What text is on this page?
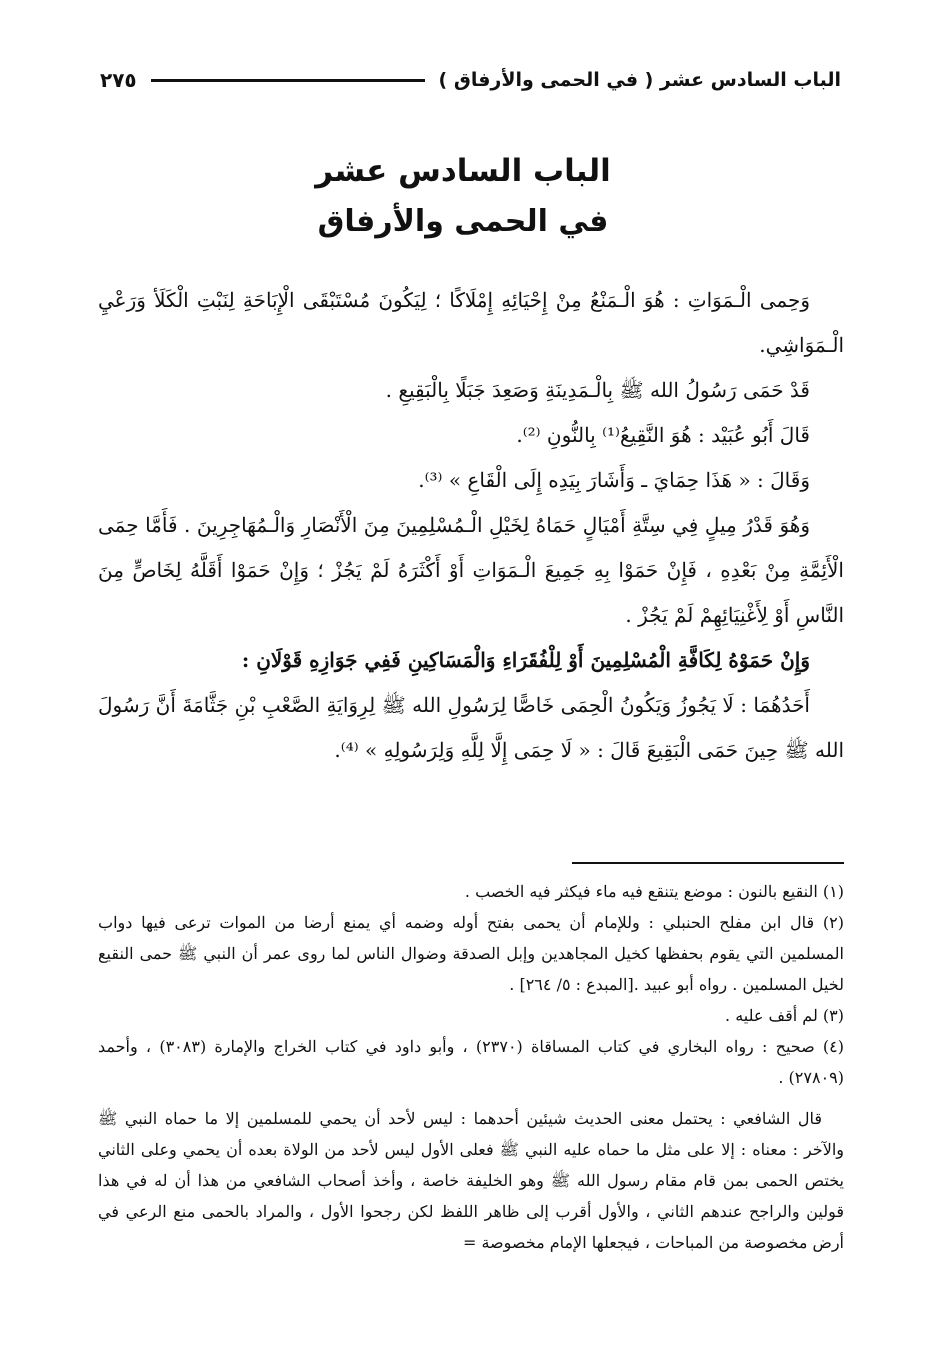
الباب السادس عشر ( في الحمى والأرفاق )
٢٧٥
الباب السادس عشر
في الحمى والأرفاق

وَحِمى الْـمَوَاتِ : هُوَ الْـمَنْعُ مِنْ إِحْيَائِهِ إِمْلَاكًا ؛ لِيَكُونَ مُسْتَبْقَى الْإِبَاحَةِ لِنَبْتِ الْكَلَأ وَرَعْيِ الْـمَوَاشِي.

قَدْ حَمَى رَسُولُ الله ﷺ بِالْـمَدِينَةِ وَصَعِدَ جَبَلًا بِالْبَقِيعِ .

قَالَ أَبُو عُبَيْد : هُوَ النَّقِيعُ⁽¹⁾ بِالنُّونِ ⁽²⁾.

وَقَالَ : « هَذَا حِمَايَ ـ وَأَشَارَ بِيَدِه إِلَى الْقَاعِ » ⁽³⁾.

وَهُوَ قَدْرُ مِيلٍ فِي سِتَّةِ أَمْيَالٍ حَمَاهُ لِخَيْلِ الْـمُسْلِمِينَ مِنَ الْأَنْصَارِ وَالْـمُهَاجِرِينَ . فَأَمَّا حِمَى الْأَئِمَّةِ مِنْ بَعْدِهِ ، فَإِنْ حَمَوْا بِهِ جَمِيعَ الْـمَوَاتِ أَوْ أَكْثَرَهُ لَمْ يَجُزْ ؛ وَإِنْ حَمَوْا أَقَلَّهُ لِخَاصٍّ مِنَ النَّاسِ أَوْ لِأَغْنِيَائِهِمْ لَمْ يَجُزْ .

وَإِنْ حَمَوْهُ لِكَافَّةِ الْمُسْلِمِينَ أَوْ لِلْفُقَرَاءِ وَالْمَسَاكِينِ فَفِي جَوَازِهِ قَوْلَانِ :

أَحَدُهُمَا : لَا يَجُوزُ وَيَكُونُ الْحِمَى خَاصًّا لِرَسُولِ الله ﷺ لِرِوَايَةِ الصَّعْبِ بْنِ جَثَّامَةَ أَنَّ رَسُولَ الله ﷺ حِينَ حَمَى الْبَقِيعَ قَالَ : « لَا حِمَى إِلَّا لِلَّهِ وَلِرَسُولِهِ » ⁽⁴⁾.

(١) النقيع بالنون : موضع يتنقع فيه ماء فيكثر فيه الخصب .

(٢) قال ابن مفلح الحنبلي : وللإمام أن يحمى بفتح أوله وضمه أي يمنع أرضا من الموات ترعى فيها دواب المسلمين التي يقوم بحفظها كخيل المجاهدين وإبل الصدقة وضوال الناس لما روى عمر أن النبي ﷺ حمى النقيع لخيل المسلمين . رواه أبو عبيد .[المبدع : ٥/ ٢٦٤] .

(٣) لم أقف عليه .

(٤) صحيح : رواه البخاري في كتاب المساقاة (٢٣٧٠) ، وأبو داود في كتاب الخراج والإمارة (٣٠٨٣) ، وأحمد (٢٧٨٠٩) .

قال الشافعي : يحتمل معنى الحديث شيئين أحدهما : ليس لأحد أن يحمي للمسلمين إلا ما حماه النبي ﷺ والآخر : معناه : إلا على مثل ما حماه عليه النبي ﷺ فعلى الأول ليس لأحد من الولاة بعده أن يحمي وعلى الثاني يختص الحمى بمن قام مقام رسول الله ﷺ وهو الخليفة خاصة ، وأخذ أصحاب الشافعي من هذا أن له في هذا قولين والراجح عندهم الثاني ، والأول أقرب إلى ظاهر اللفظ لكن رجحوا الأول ، والمراد بالحمى منع الرعي في أرض مخصوصة من المباحات ، فيجعلها الإمام مخصوصة =
